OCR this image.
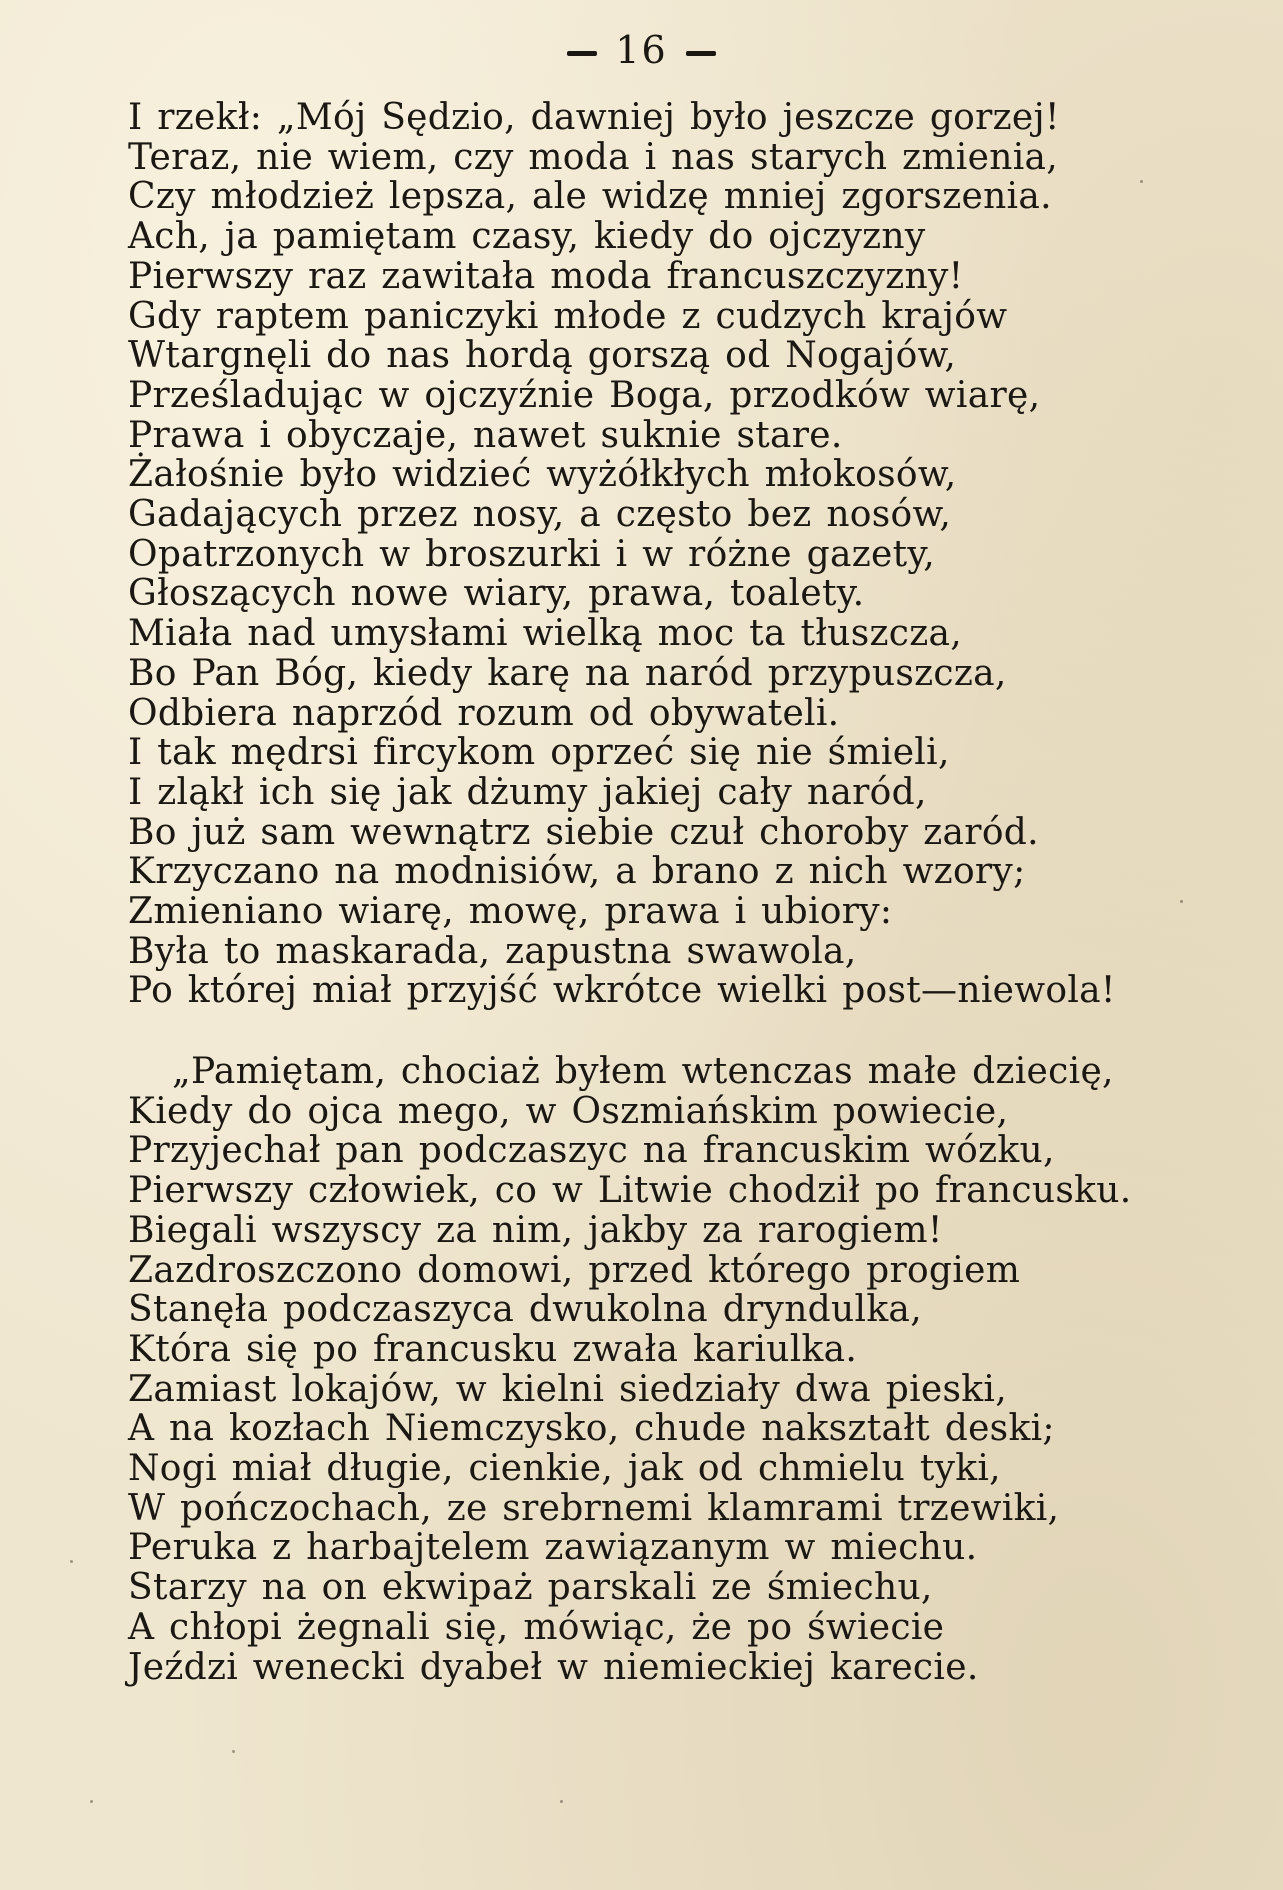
16
I rzekł: „Mój Sędzio, dawniej było jeszcze gorzej!
Teraz, nie wiem, czy moda i nas starych zmienia,
Czy młodzież lepsza, ale widzę mniej zgorszenia.
Ach, ja pamiętam czasy, kiedy do ojczyzny
Pierwszy raz zawitała moda francuszczyzny!
Gdy raptem paniczyki młode z cudzych krajów
Wtargnęli do nas hordą gorszą od Nogajów,
Prześladując w ojczyźnie Boga, przodków wiarę,
Prawa i obyczaje, nawet suknie stare.
Żałośnie było widzieć wyżółkłych młokosów,
Gadających przez nosy, a często bez nosów,
Opatrzonych w broszurki i w różne gazety,
Głoszących nowe wiary, prawa, toalety.
Miała nad umysłami wielką moc ta tłuszcza,
Bo Pan Bóg, kiedy karę na naród przypuszcza,
Odbiera naprzód rozum od obywateli.
I tak mędrsi fircykom oprzeć się nie śmieli,
I zląkł ich się jak dżumy jakiej cały naród,
Bo już sam wewnątrz siebie czuł choroby zaród.
Krzyczano na modnisiów, a brano z nich wzory;
Zmieniano wiarę, mowę, prawa i ubiory:
Była to maskarada, zapustna swawola,
Po której miał przyjść wkrótce wielki post—niewola!
„Pamiętam, chociaż byłem wtenczas małe dziecię,
Kiedy do ojca mego, w Oszmiańskim powiecie,
Przyjechał pan podczaszyc na francuskim wózku,
Pierwszy człowiek, co w Litwie chodził po francusku.
Biegali wszyscy za nim, jakby za rarogiem!
Zazdroszczono domowi, przed którego progiem
Stanęła podczaszyca dwukolna dryndulka,
Która się po francusku zwała kariulka.
Zamiast lokajów, w kielni siedziały dwa pieski,
A na kozłach Niemczysko, chude nakształt deski;
Nogi miał długie, cienkie, jak od chmielu tyki,
W pończochach, ze srebrnemi klamrami trzewiki,
Peruka z harbajtelem zawiązanym w miechu.
Starzy na on ekwipaż parskali ze śmiechu,
A chłopi żegnali się, mówiąc, że po świecie
Jeździ wenecki dyabeł w niemieckiej karecie.
